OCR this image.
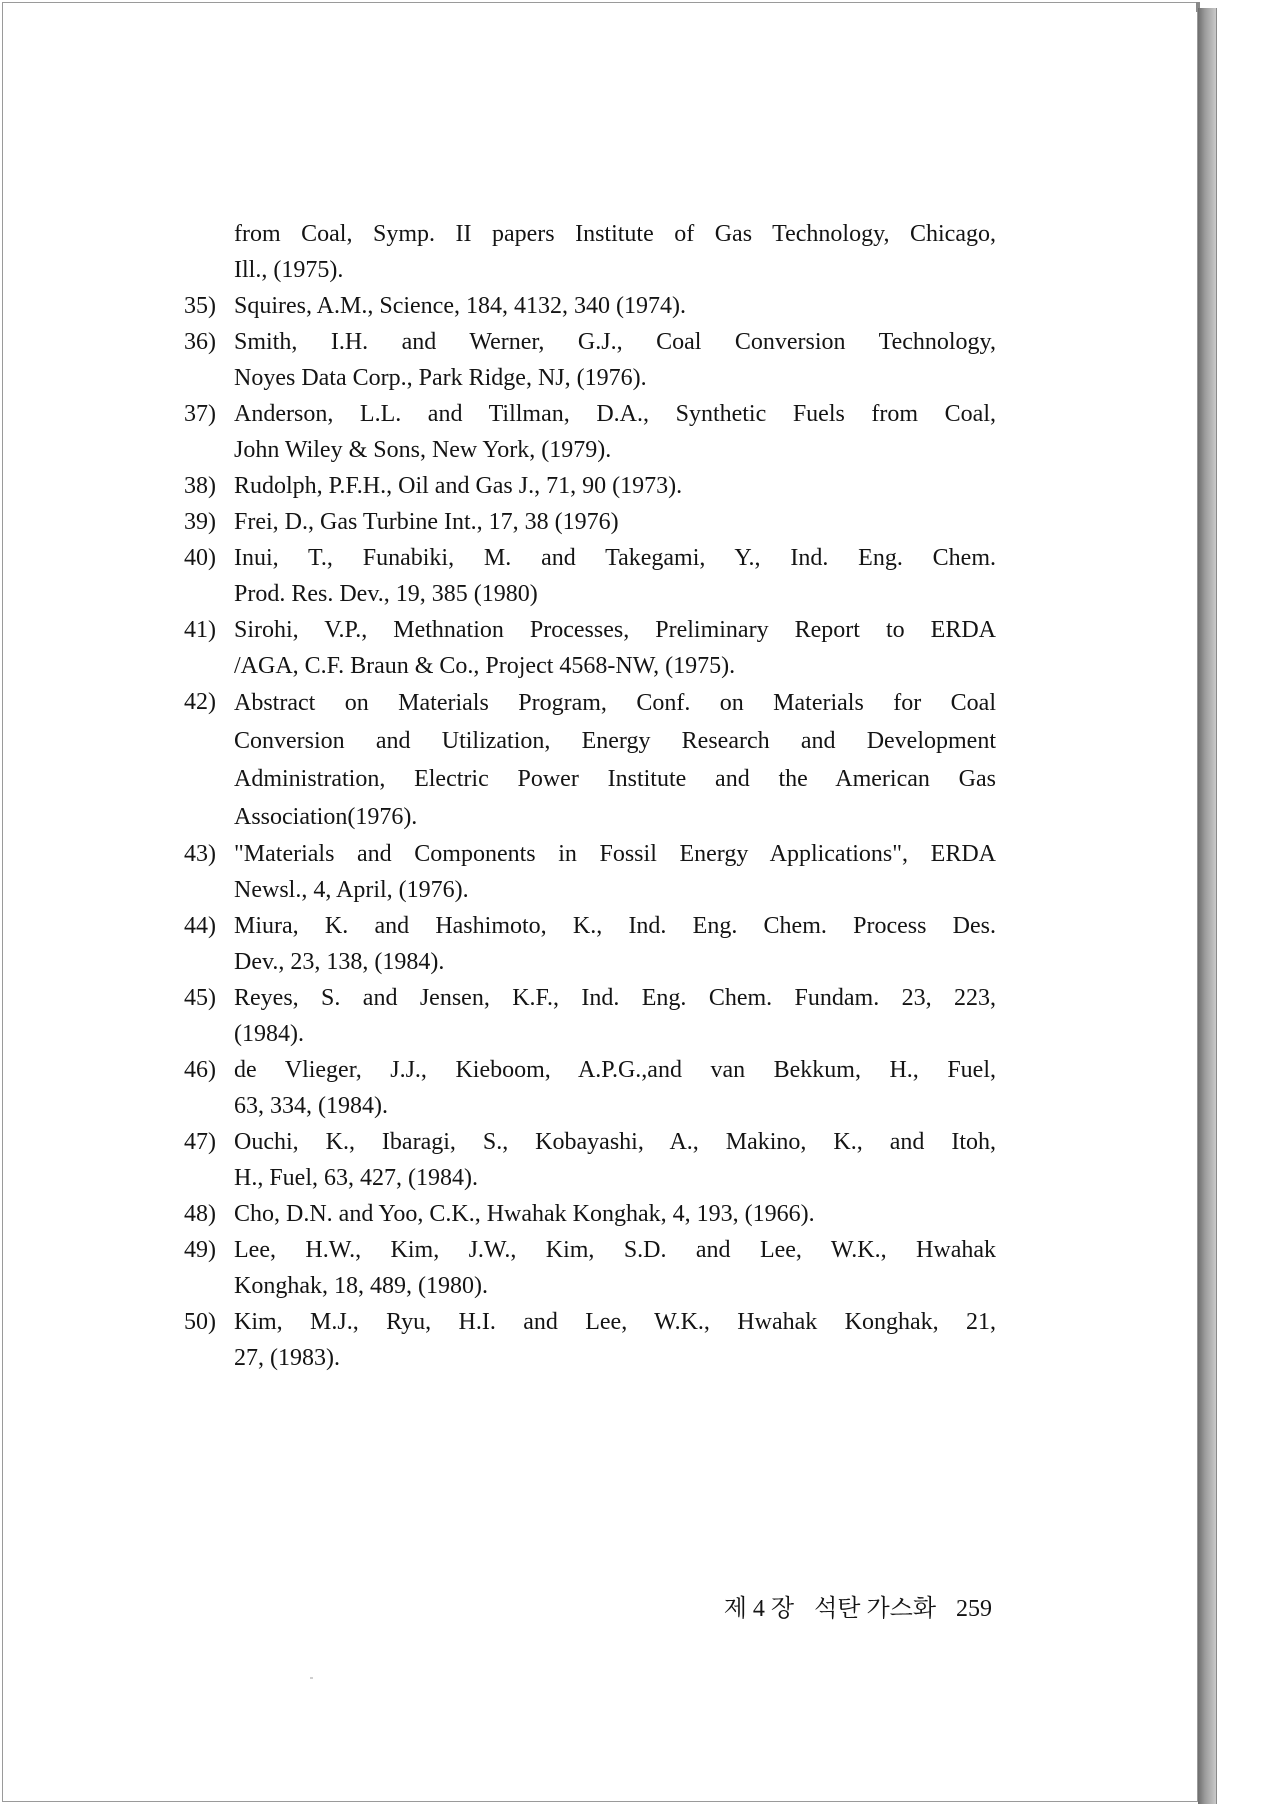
from Coal, Symp. II papers Institute of Gas Technology, Chicago,
Ill., (1975).
35) Squires, A.M., Science, 184, 4132, 340 (1974).
36) Smith, I.H. and Werner, G.J., Coal Conversion Technology,
Noyes Data Corp., Park Ridge, NJ, (1976).
37) Anderson, L.L. and Tillman, D.A., Synthetic Fuels from Coal,
John Wiley & Sons, New York, (1979).
38) Rudolph, P.F.H., Oil and Gas J., 71, 90 (1973).
39) Frei, D., Gas Turbine Int., 17, 38 (1976)
40) Inui, T., Funabiki, M. and Takegami, Y., Ind. Eng. Chem.
Prod. Res. Dev., 19, 385 (1980)
41) Sirohi, V.P., Methnation Processes, Preliminary Report to ERDA
/AGA, C.F. Braun & Co., Project 4568-NW, (1975).
42) Abstract on Materials Program, Conf. on Materials for Coal
Conversion and Utilization, Energy Research and Development
Administration, Electric Power Institute and the American Gas
Association(1976).
43) "Materials and Components in Fossil Energy Applications", ERDA
Newsl., 4, April, (1976).
44) Miura, K. and Hashimoto, K., Ind. Eng. Chem. Process Des.
Dev., 23, 138, (1984).
45) Reyes, S. and Jensen, K.F., Ind. Eng. Chem. Fundam. 23, 223,
(1984).
46) de Vlieger, J.J., Kieboom, A.P.G.,and van Bekkum, H., Fuel,
63, 334, (1984).
47) Ouchi, K., Ibaragi, S., Kobayashi, A., Makino, K., and Itoh,
H., Fuel, 63, 427, (1984).
48) Cho, D.N. and Yoo, C.K., Hwahak Konghak, 4, 193, (1966).
49) Lee, H.W., Kim, J.W., Kim, S.D. and Lee, W.K., Hwahak
Konghak, 18, 489, (1980).
50) Kim, M.J., Ryu, H.I. and Lee, W.K., Hwahak Konghak, 21,
27, (1983).
제 4 장 석탄 가스화 259
